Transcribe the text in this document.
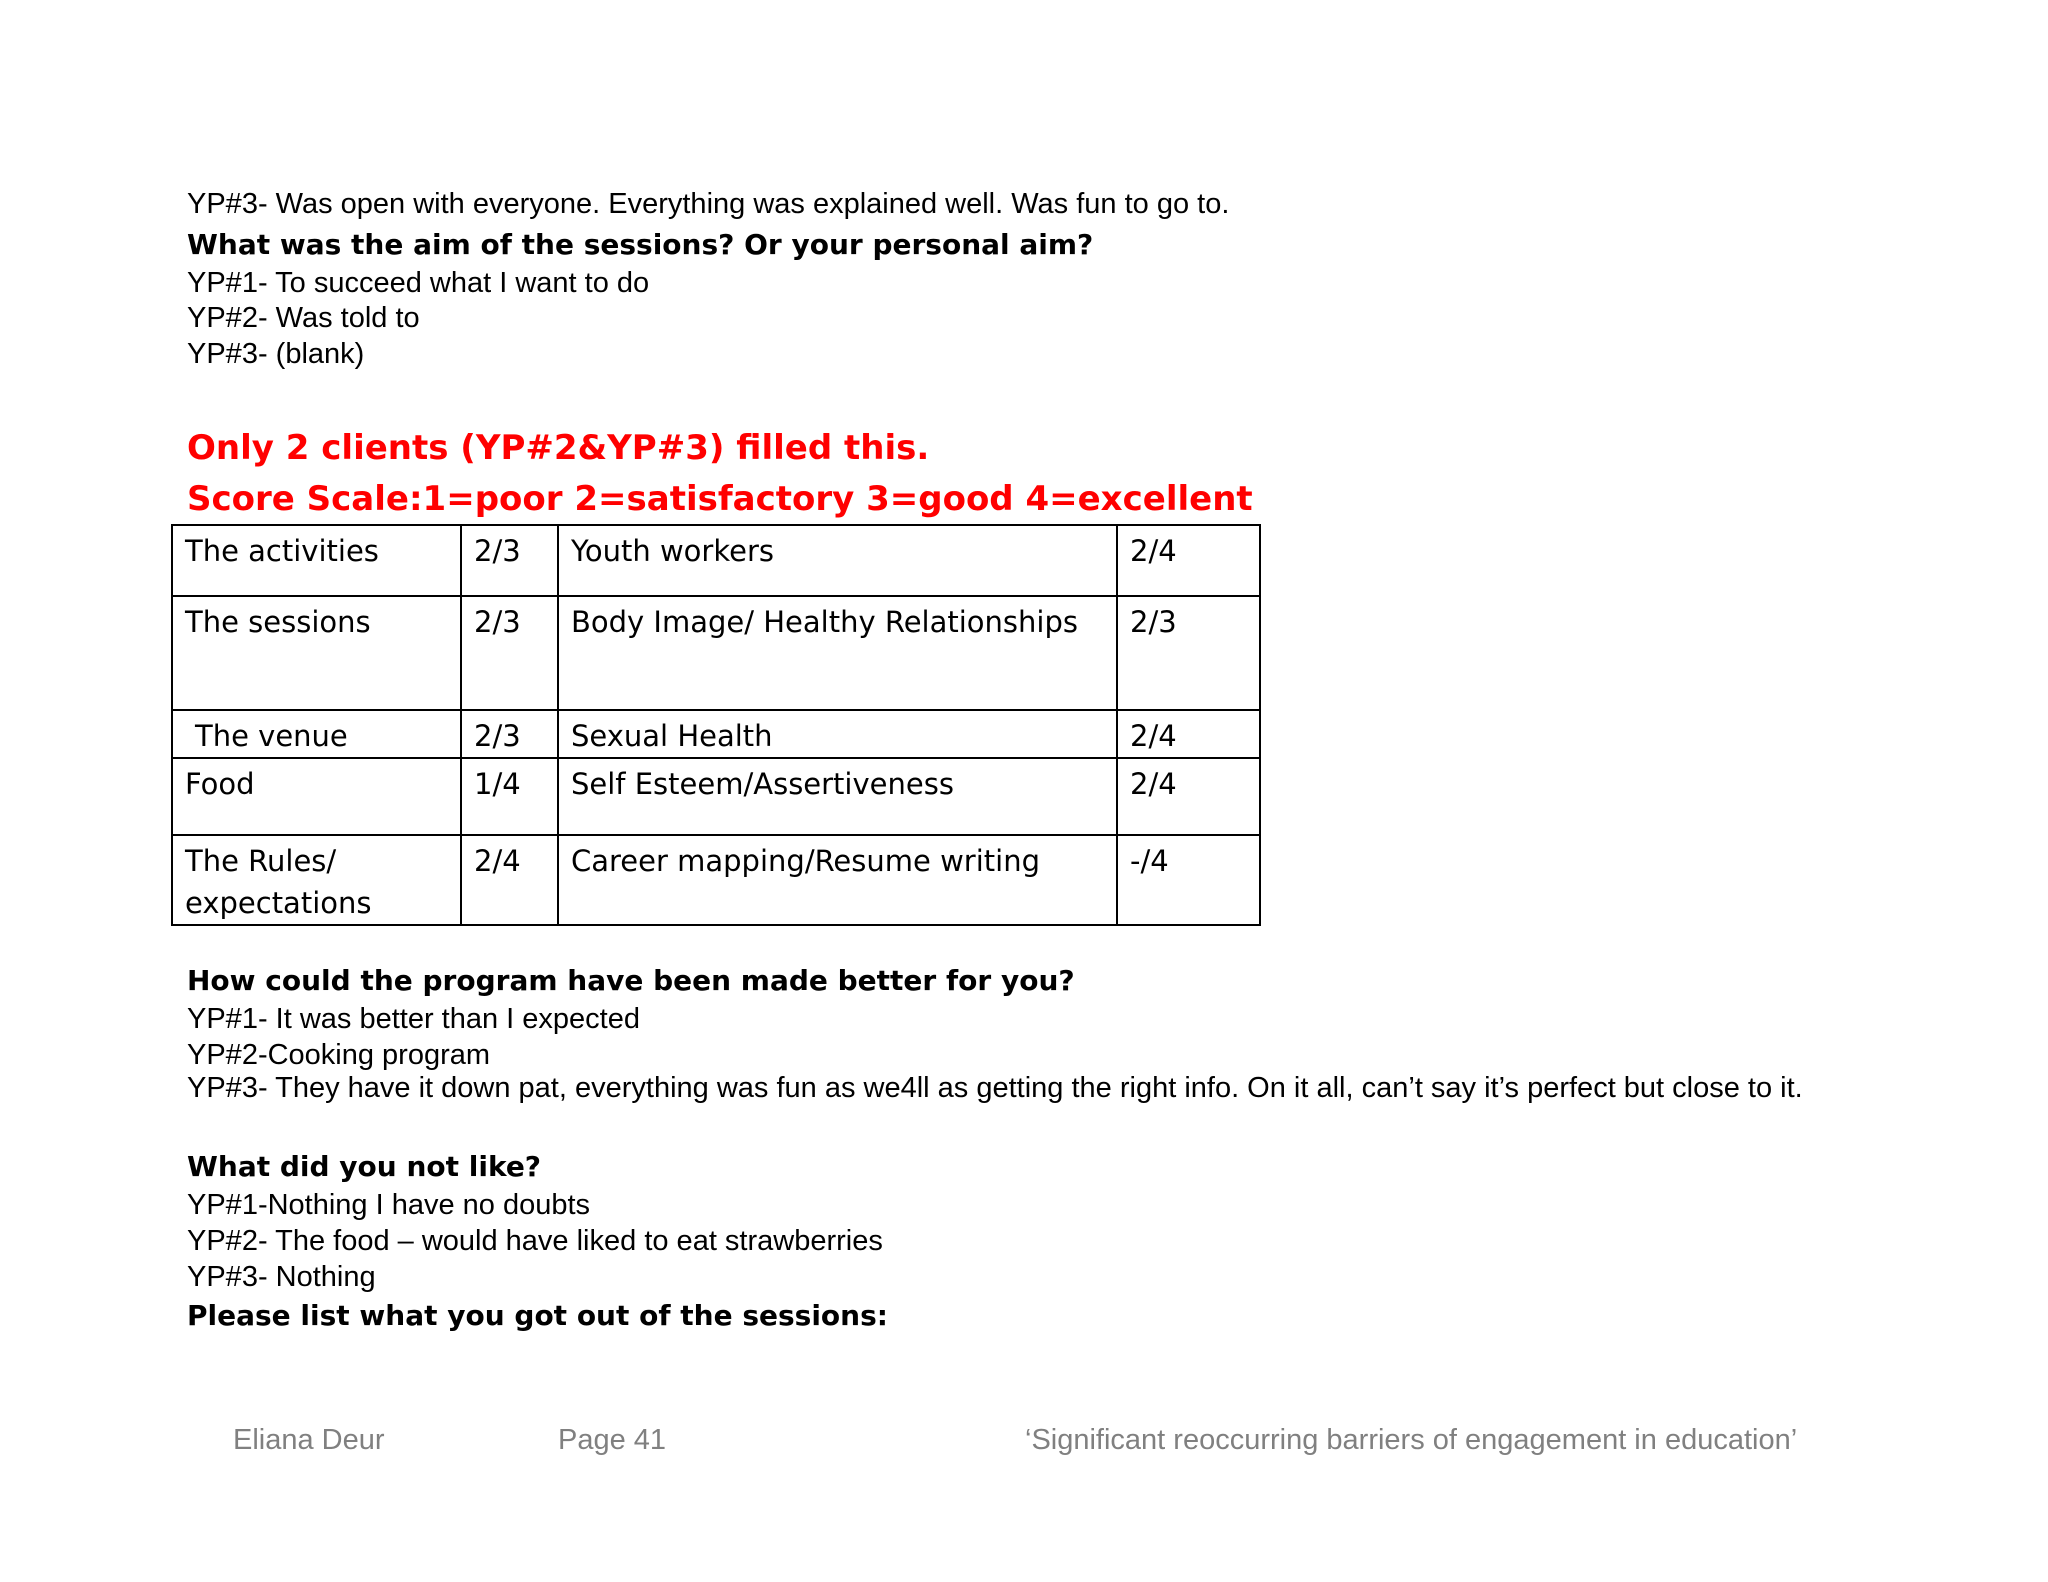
YP#3- Was open with everyone. Everything was explained well. Was fun to go to.
What was the aim of the sessions? Or your personal aim?
YP#1- To succeed what I want to do
YP#2- Was told to
YP#3- (blank)
Only 2 clients (YP#2&YP#3) filled this.
Score Scale:1=poor 2=satisfactory 3=good 4=excellent
The activities	2/3	Youth workers	2/4
The sessions	2/3	Body Image/ Healthy Relationships	2/3
The venue	2/3	Sexual Health	2/4
Food	1/4	Self Esteem/Assertiveness	2/4
The Rules/ expectations	2/4	Career mapping/Resume writing	-/4
How could the program have been made better for you?
YP#1- It was better than I expected
YP#2-Cooking program
YP#3- They have it down pat, everything was fun as we4ll as getting the right info. On it all, can’t say it’s perfect but close to it.
What did you not like?
YP#1-Nothing I have no doubts
YP#2- The food – would have liked to eat strawberries
YP#3- Nothing
Please list what you got out of the sessions:
Eliana Deur	Page 41	‘Significant reoccurring barriers of engagement in education’
